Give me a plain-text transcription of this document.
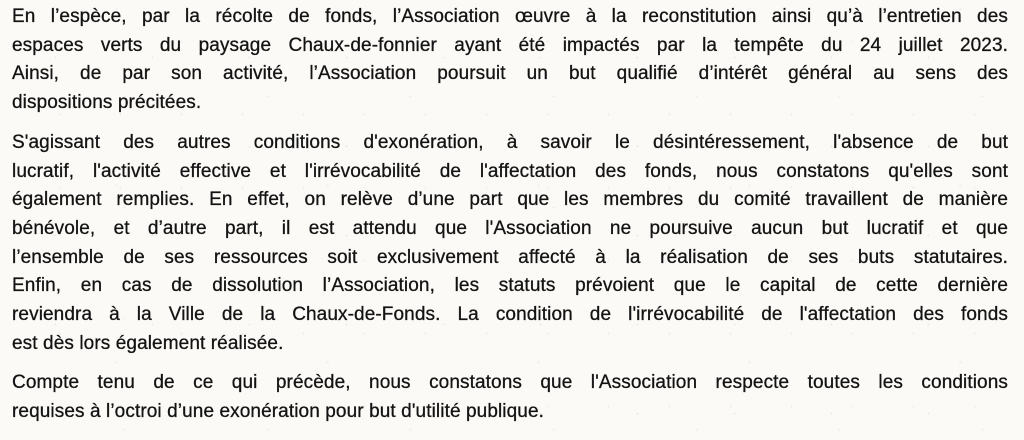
En l’espèce, par la récolte de fonds, l’Association œuvre à la reconstitution ainsi qu’à l’entretien des
espaces verts du paysage Chaux-de-fonnier ayant été impactés par la tempête du 24 juillet 2023.
Ainsi, de par son activité, l’Association poursuit un but qualifié d’intérêt général au sens des
dispositions précitées.
S'agissant des autres conditions d'exonération, à savoir le désintéressement, l'absence de but
lucratif, l'activité effective et l'irrévocabilité de l'affectation des fonds, nous constatons qu'elles sont
également remplies. En effet, on relève d’une part que les membres du comité travaillent de manière
bénévole, et d’autre part, il est attendu que l'Association ne poursuive aucun but lucratif et que
l’ensemble de ses ressources soit exclusivement affecté à la réalisation de ses buts statutaires.
Enfin, en cas de dissolution l’Association, les statuts prévoient que le capital de cette dernière
reviendra à la Ville de la Chaux-de-Fonds. La condition de l'irrévocabilité de l'affectation des fonds
est dès lors également réalisée.
Compte tenu de ce qui précède, nous constatons que l'Association respecte toutes les conditions
requises à l’octroi d’une exonération pour but d'utilité publique.
